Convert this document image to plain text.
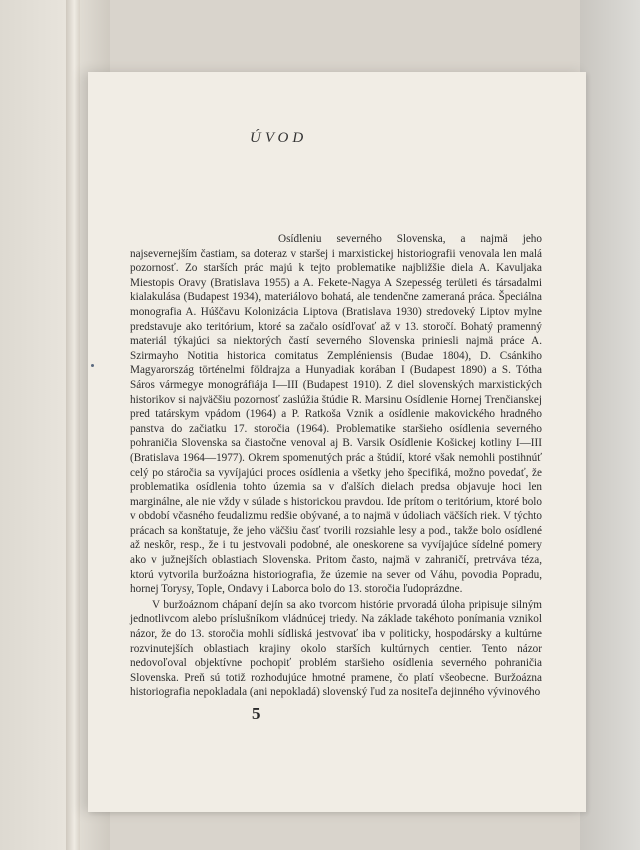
ÚVOD

Osídleniu severného Slovenska, a najmä jeho najsevernejším častiam, sa doteraz v staršej i marxistickej historiografii venovala len malá pozornosť. Zo starších prác majú k tejto problematike najbližšie diela A. Kavuljaka Miestopis Oravy (Bratislava 1955) a A. Fekete-Nagya A Szepesség területi és társadalmi kialakulása (Budapest 1934), materiálovo bohatá, ale tendenčne zameraná práca. Špeciálna monografia A. Húščavu Kolonizácia Liptova (Bratislava 1930) stredoveký Liptov mylne predstavuje ako teritórium, ktoré sa začalo osídľovať až v 13. storočí. Bohatý pramenný materiál týkajúci sa niektorých častí severného Slovenska priniesli najmä práce A. Szirmayho Notitia historica comitatus Zempléniensis (Budae 1804), D. Csánkiho Magyarország történelmi földrajza a Hunyadiak korában I (Budapest 1890) a S. Tótha Sáros vármegye monográfiája I—III (Budapest 1910). Z diel slovenských marxistických historikov si najväčšiu pozornosť zaslúžia štúdie R. Marsinu Osídlenie Hornej Trenčianskej pred tatárskym vpádom (1964) a P. Ratkoša Vznik a osídlenie makovického hradného panstva do začiatku 17. storočia (1964). Problematike staršieho osídlenia severného pohraničia Slovenska sa čiastočne venoval aj B. Varsik Osídlenie Košickej kotliny I—III (Bratislava 1964—1977). Okrem spomenutých prác a štúdií, ktoré však nemohli postihnúť celý po stáročia sa vyvíjajúci proces osídlenia a všetky jeho špecifiká, možno povedať, že problematika osídlenia tohto územia sa v ďalších dielach predsa objavuje hoci len marginálne, ale nie vždy v súlade s historickou pravdou. Ide prítom o teritórium, ktoré bolo v období včasného feudalizmu redšie obývané, a to najmä v údoliach väčších riek. V týchto prácach sa konštatuje, že jeho väčšiu časť tvorili rozsiahle lesy a pod., takže bolo osídlené až neskôr, resp., že i tu jestvovali podobné, ale oneskorene sa vyvíjajúce sídelné pomery ako v južnejších oblastiach Slovenska. Pritom často, najmä v zahraničí, pretrváva téza, ktorú vytvorila buržoázna historiografia, že územie na sever od Váhu, povodia Popradu, hornej Torysy, Tople, Ondavy i Laborca bolo do 13. storočia ľudoprázdne.

V buržoáznom chápaní dejín sa ako tvorcom histórie prvoradá úloha pripisuje silným jednotlivcom alebo príslušníkom vládnúcej triedy. Na základe takéhoto ponímania vznikol názor, že do 13. storočia mohli sídliská jestvovať iba v politicky, hospodársky a kultúrne rozvinutejších oblastiach krajiny okolo starších kultúrnych centier. Tento názor nedovoľoval objektívne pochopiť problém staršieho osídlenia severného pohraničia Slovenska. Preň sú totiž rozhodujúce hmotné pramene, čo platí všeobecne. Buržoázna historiografia nepokladala (ani nepokladá) slovenský ľud za nositeľa dejinného vývinového

5
